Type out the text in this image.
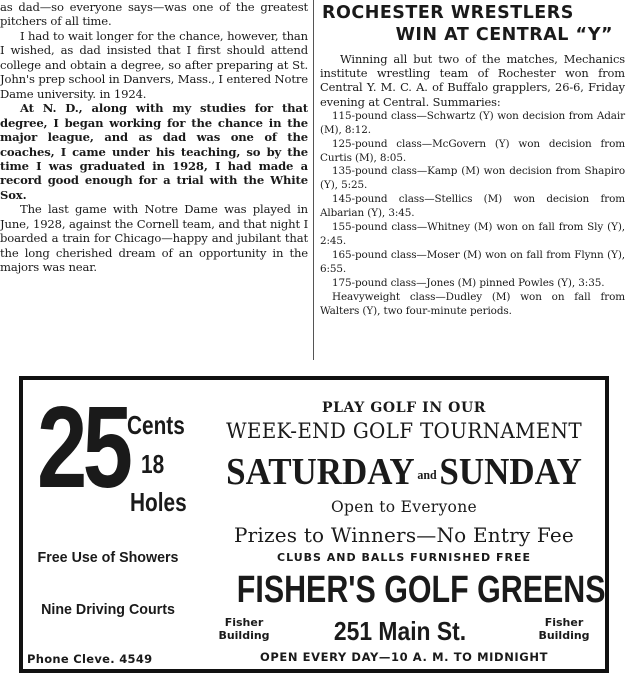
as dad—so everyone says—was one of the greatest pitchers of all time.

I had to wait longer for the chance, however, than I wished, as dad insisted that I first should attend college and obtain a degree, so after preparing at St. John's prep school in Danvers, Mass., I entered Notre Dame university. in 1924.

At N. D., along with my studies for that degree, I began working for the chance in the major league, and as dad was one of the coaches, I came under his teaching, so by the time I was graduated in 1928, I had made a record good enough for a trial with the White Sox.

The last game with Notre Dame was played in June, 1928, against the Cornell team, and that night I boarded a train for Chicago—happy and jubilant that the long cherished dream of an opportunity in the majors was near.

ROCHESTER WRESTLERS
WIN AT CENTRAL “Y”

Winning all but two of the matches, Mechanics institute wrestling team of Rochester won from Central Y. M. C. A. of Buffalo grapplers, 26-6, Friday evening at Central. Summaries:

115-pound class—Schwartz (Y) won decision from Adair (M), 8:12.

125-pound class—McGovern (Y) won decision from Curtis (M), 8:05.

135-pound class—Kamp (M) won decision from Shapiro (Y), 5:25.

145-pound class—Stellics (M) won decision from Albarian (Y), 3:45.

155-pound class—Whitney (M) won on fall from Sly (Y), 2:45.

165-pound class—Moser (M) won on fall from Flynn (Y), 6:55.

175-pound class—Jones (M) pinned Powles (Y), 3:35.

Heavyweight class—Dudley (M) won on fall from Walters (Y), two four-minute periods.

25
Cents
18
Holes
Free Use of Showers
Nine Driving Courts
Phone Cleve. 4549
PLAY GOLF IN OUR
WEEK-END GOLF TOURNAMENT
SATURDAY andSUNDAY
Open to Everyone
Prizes to Winners—No Entry Fee
CLUBS AND BALLS FURNISHED FREE
FISHER'S GOLF GREENS
Fisher Building	251 Main St.	Fisher Building
OPEN EVERY DAY—10 A. M. TO MIDNIGHT
